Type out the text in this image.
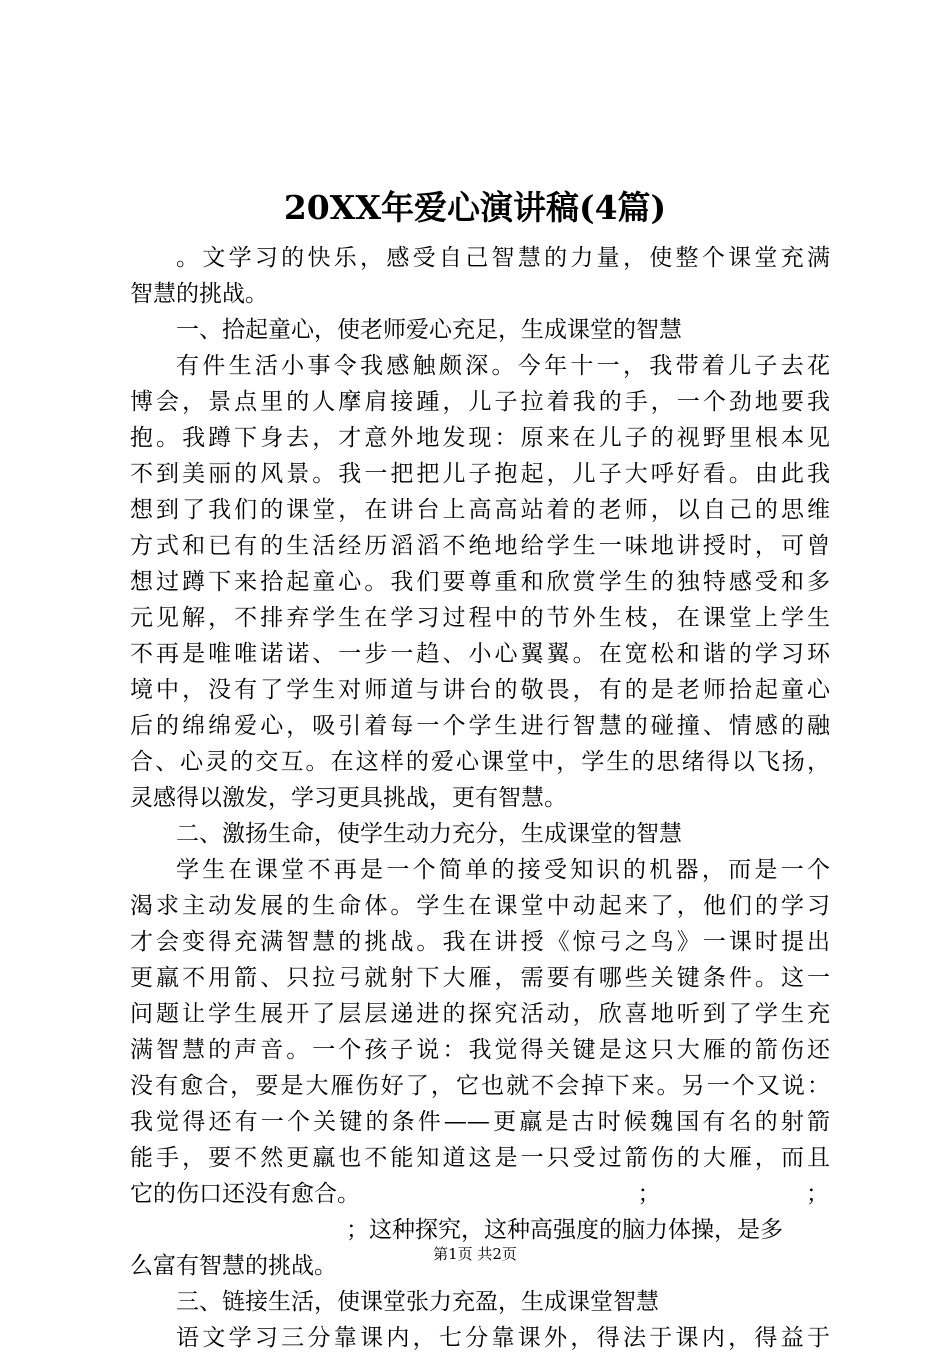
20XX年爱心演讲稿(4篇)
。文学习的快乐，感受自己智慧的力量，使整个课堂充满
智慧的挑战。
一、拾起童心，使老师爱心充足，生成课堂的智慧
有件生活小事令我感触颇深。今年十一，我带着儿子去花
博会，景点里的人摩肩接踵，儿子拉着我的手，一个劲地要我
抱。我蹲下身去，才意外地发现：原来在儿子的视野里根本见
不到美丽的风景。我一把把儿子抱起，儿子大呼好看。由此我
想到了我们的课堂，在讲台上高高站着的老师，以自己的思维
方式和已有的生活经历滔滔不绝地给学生一味地讲授时，可曾
想过蹲下来拾起童心。我们要尊重和欣赏学生的独特感受和多
元见解，不排弃学生在学习过程中的节外生枝，在课堂上学生
不再是唯唯诺诺、一步一趋、小心翼翼。在宽松和谐的学习环
境中，没有了学生对师道与讲台的敬畏，有的是老师拾起童心
后的绵绵爱心，吸引着每一个学生进行智慧的碰撞、情感的融
合、心灵的交互。在这样的爱心课堂中，学生的思绪得以飞扬，
灵感得以激发，学习更具挑战，更有智慧。
二、激扬生命，使学生动力充分，生成课堂的智慧
学生在课堂不再是一个简单的接受知识的机器，而是一个
渴求主动发展的生命体。学生在课堂中动起来了，他们的学习
才会变得充满智慧的挑战。我在讲授《惊弓之鸟》一课时提出
更羸不用箭、只拉弓就射下大雁，需要有哪些关键条件。这一
问题让学生展开了层层递进的探究活动，欣喜地听到了学生充
满智慧的声音。一个孩子说：我觉得关键是这只大雁的箭伤还
没有愈合，要是大雁伤好了，它也就不会掉下来。另一个又说：
我觉得还有一个关键的条件——更羸是古时候魏国有名的射箭
能手，要不然更羸也不能知道这是一只受过箭伤的大雁，而且
它的伤口还没有愈合。	；	；
；这种探究，这种高强度的脑力体操，是多
么富有智慧的挑战。
三、链接生活，使课堂张力充盈，生成课堂智慧
语文学习三分靠课内，七分靠课外，得法于课内，得益于
第1页 共2页
